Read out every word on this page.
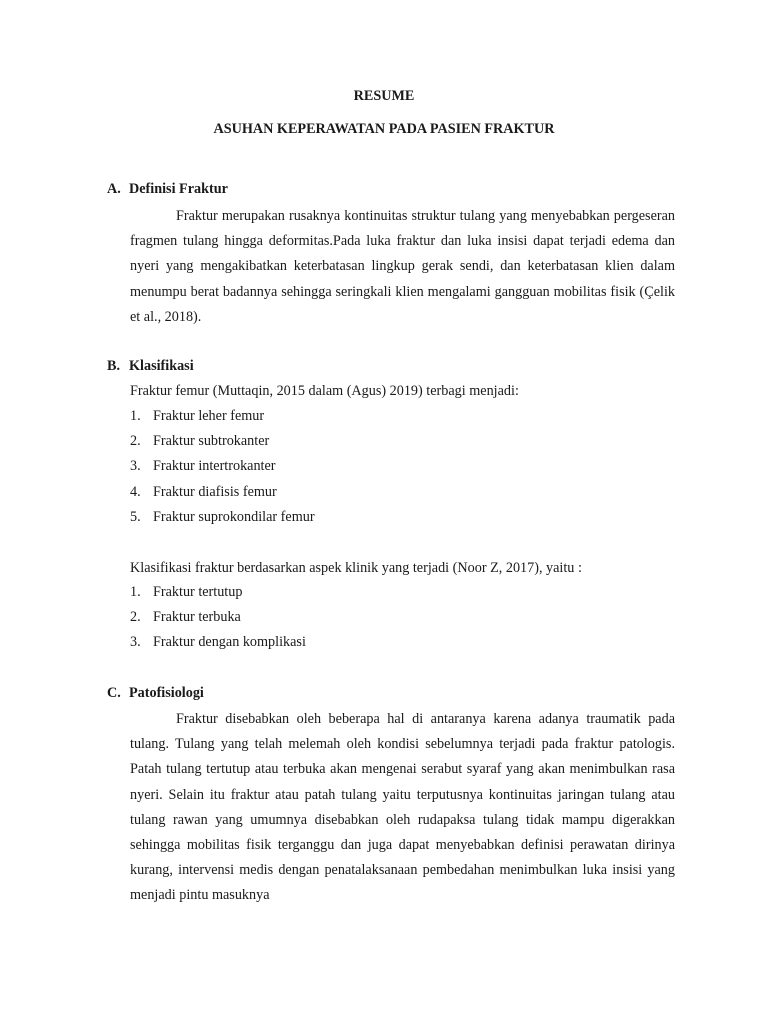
RESUME
ASUHAN KEPERAWATAN PADA PASIEN FRAKTUR
A. Definisi Fraktur

Fraktur merupakan rusaknya kontinuitas struktur tulang yang menyebabkan pergeseran fragmen tulang hingga deformitas.Pada luka fraktur dan luka insisi dapat terjadi edema dan nyeri yang mengakibatkan keterbatasan lingkup gerak sendi, dan keterbatasan klien dalam menumpu berat badannya sehingga seringkali klien mengalami gangguan mobilitas fisik (Çelik et al., 2018).

B. Klasifikasi
Fraktur femur (Muttaqin, 2015 dalam (Agus) 2019) terbagi menjadi:
1. Fraktur leher femur
2. Fraktur subtrokanter
3. Fraktur intertrokanter
4. Fraktur diafisis femur
5. Fraktur suprokondilar femur
Klasifikasi fraktur berdasarkan aspek klinik yang terjadi (Noor Z, 2017), yaitu :
1. Fraktur tertutup
2. Fraktur terbuka
3. Fraktur dengan komplikasi
C. Patofisiologi

Fraktur disebabkan oleh beberapa hal di antaranya karena adanya traumatik pada tulang. Tulang yang telah melemah oleh kondisi sebelumnya terjadi pada fraktur patologis. Patah tulang tertutup atau terbuka akan mengenai serabut syaraf yang akan menimbulkan rasa nyeri. Selain itu fraktur atau patah tulang yaitu terputusnya kontinuitas jaringan tulang atau tulang rawan yang umumnya disebabkan oleh rudapaksa tulang tidak mampu digerakkan sehingga mobilitas fisik terganggu dan juga dapat menyebabkan definisi perawatan dirinya kurang, intervensi medis dengan penatalaksanaan pembedahan menimbulkan luka insisi yang menjadi pintu masuknya
